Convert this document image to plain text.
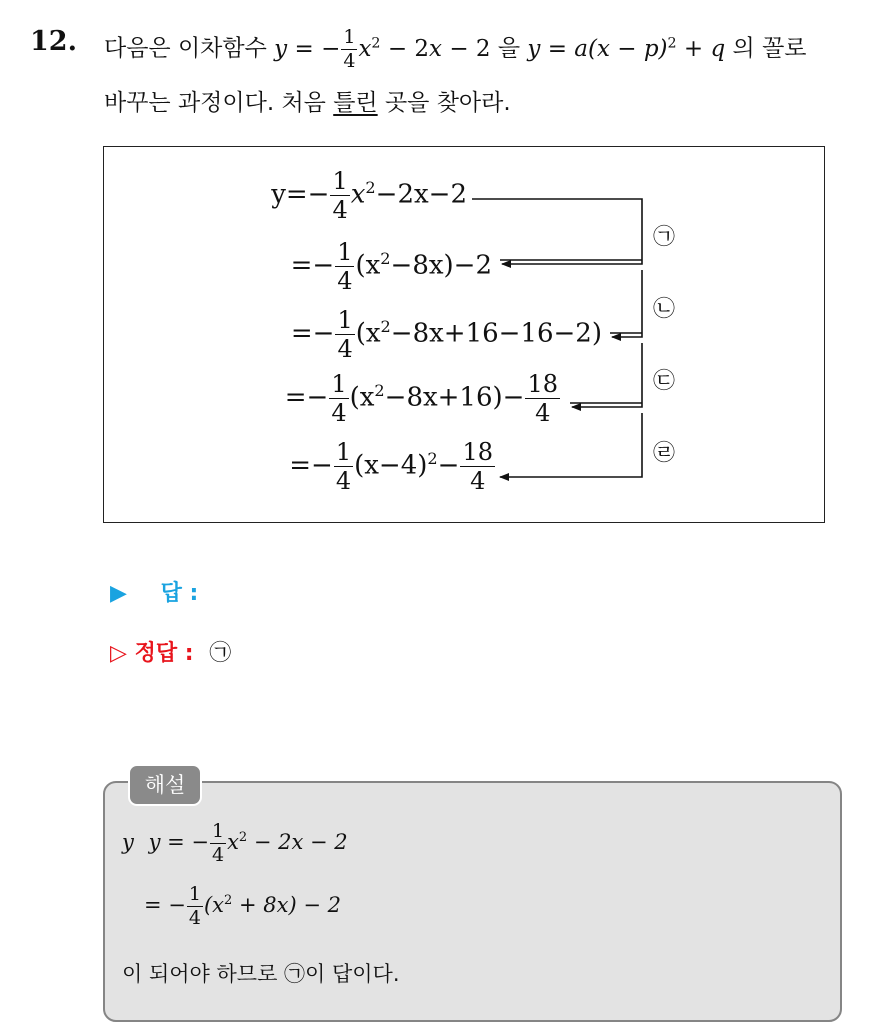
12. 다음은 이차함수 y = − $\frac{1}{4} x^2 - 2x - 2$ 을 $y = a(x - p)^2 + q$ 의 꼴로
바꾸는 과정이다. 처음 틀린 곳을 찾아라.
$y=- \frac{1}{4} x^2-2x-2$
=− $\frac{1}{4} (x^2-8x)-2$
=− $\frac{1}{4} (x^2-8x+16-16-2)$
=− $\frac{1}{4} (x^2-8x+16)- \frac{18}{4}$
=− $\frac{1}{4} (x-4)^2- \frac{18}{4}$
㉠
㉡
㉢
㉣
▶ 답 :
▷ 정답 : ㉠
해설
y y = − $\frac{1}{4} x^2 - 2x - 2$
= − $\frac{1}{4} (x^2 + 8x) - 2$
이 되어야 하므로 ㉠이 답이다.
